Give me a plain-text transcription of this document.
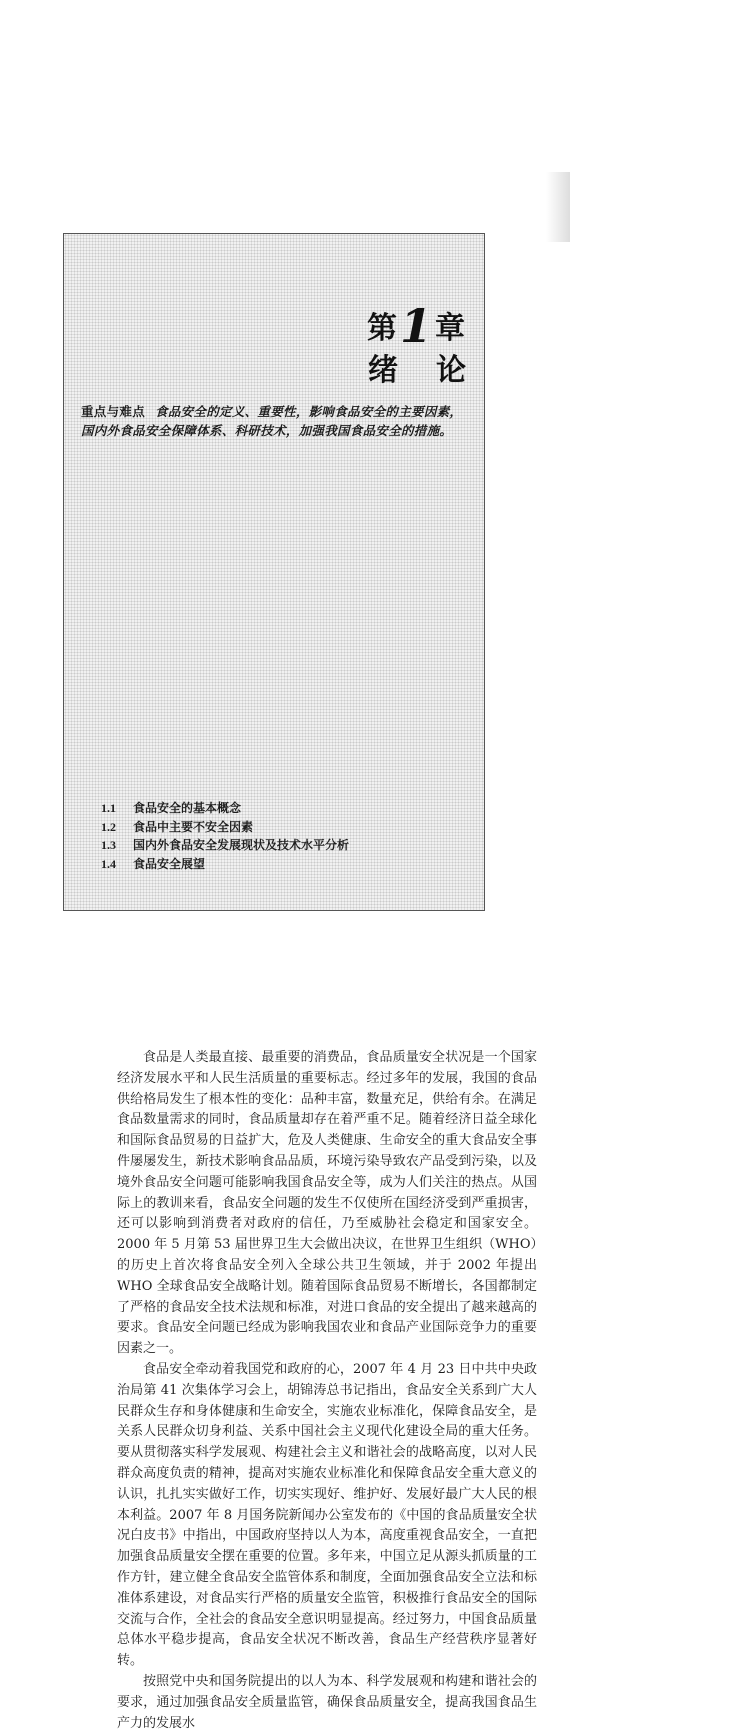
第1章
绪论
重点与难点 食品安全的定义、重要性，影响食品安全的主要因素，国内外食品安全保障体系、科研技术，加强我国食品安全的措施。
1.1 食品安全的基本概念
1.2 食品中主要不安全因素
1.3 国内外食品安全发展现状及技术水平分析
1.4 食品安全展望

食品是人类最直接、最重要的消费品，食品质量安全状况是一个国家经济发展水平和人民生活质量的重要标志。经过多年的发展，我国的食品供给格局发生了根本性的变化：品种丰富，数量充足，供给有余。在满足食品数量需求的同时，食品质量却存在着严重不足。随着经济日益全球化和国际食品贸易的日益扩大，危及人类健康、生命安全的重大食品安全事件屡屡发生，新技术影响食品品质，环境污染导致农产品受到污染，以及境外食品安全问题可能影响我国食品安全等，成为人们关注的热点。从国际上的教训来看，食品安全问题的发生不仅使所在国经济受到严重损害，还可以影响到消费者对政府的信任，乃至威胁社会稳定和国家安全。2000 年 5 月第 53 届世界卫生大会做出决议，在世界卫生组织（WHO）的历史上首次将食品安全列入全球公共卫生领域，并于 2002 年提出 WHO 全球食品安全战略计划。随着国际食品贸易不断增长，各国都制定了严格的食品安全技术法规和标准，对进口食品的安全提出了越来越高的要求。食品安全问题已经成为影响我国农业和食品产业国际竞争力的重要因素之一。

食品安全牵动着我国党和政府的心，2007 年 4 月 23 日中共中央政治局第 41 次集体学习会上，胡锦涛总书记指出，食品安全关系到广大人民群众生存和身体健康和生命安全，实施农业标准化，保障食品安全，是关系人民群众切身利益、关系中国社会主义现代化建设全局的重大任务。要从贯彻落实科学发展观、构建社会主义和谐社会的战略高度，以对人民群众高度负责的精神，提高对实施农业标准化和保障食品安全重大意义的认识，扎扎实实做好工作，切实实现好、维护好、发展好最广大人民的根本利益。2007 年 8 月国务院新闻办公室发布的《中国的食品质量安全状况白皮书》中指出，中国政府坚持以人为本，高度重视食品安全，一直把加强食品质量安全摆在重要的位置。多年来，中国立足从源头抓质量的工作方针，建立健全食品安全监管体系和制度，全面加强食品安全立法和标准体系建设，对食品实行严格的质量安全监管，积极推行食品安全的国际交流与合作，全社会的食品安全意识明显提高。经过努力，中国食品质量总体水平稳步提高，食品安全状况不断改善，食品生产经营秩序显著好转。

按照党中央和国务院提出的以人为本、科学发展观和构建和谐社会的要求，通过加强食品安全质量监管，确保食品质量安全，提高我国食品生产力的发展水
